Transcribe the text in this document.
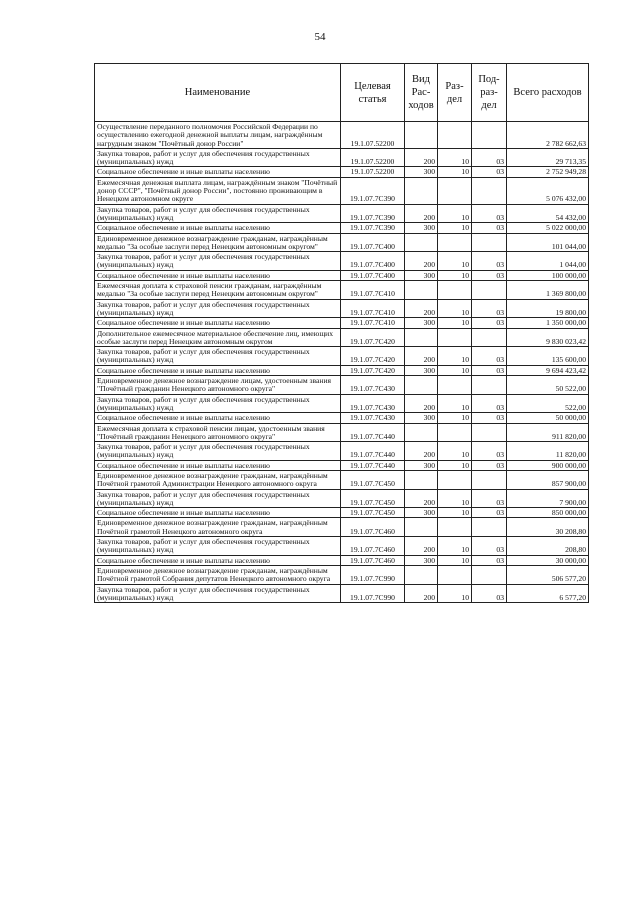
54
Наименование	Целевая статья	Вид Рас-ходов	Раз-дел	Под-раз-дел	Всего расходов
Осуществление переданного полномочия Российской Федерации по осуществлению ежегодной денежной выплаты лицам, награждённым нагрудным знаком "Почётный донор России"	19.1.07.52200				2 782 662,63
Закупка товаров, работ и услуг для обеспечения государственных (муниципальных) нужд	19.1.07.52200	200	10	03	29 713,35
Социальное обеспечение и иные выплаты населению	19.1.07.52200	300	10	03	2 752 949,28
Ежемесячная денежная выплата лицам, награждённым знаком "Почётный донор СССР", "Почётный донор России", постоянно проживающим в Ненецком автономном округе	19.1.07.7С390				5 076 432,00
Закупка товаров, работ и услуг для обеспечения государственных (муниципальных) нужд	19.1.07.7С390	200	10	03	54 432,00
Социальное обеспечение и иные выплаты населению	19.1.07.7С390	300	10	03	5 022 000,00
Единовременное денежное вознаграждение гражданам, награждённым медалью "За особые заслуги перед Ненецким автономным округом"	19.1.07.7С400				101 044,00
Закупка товаров, работ и услуг для обеспечения государственных (муниципальных) нужд	19.1.07.7С400	200	10	03	1 044,00
Социальное обеспечение и иные выплаты населению	19.1.07.7С400	300	10	03	100 000,00
Ежемесячная доплата к страховой пенсии гражданам, награждённым медалью "За особые заслуги перед Ненецким автономным округом"	19.1.07.7С410				1 369 800,00
Закупка товаров, работ и услуг для обеспечения государственных (муниципальных) нужд	19.1.07.7С410	200	10	03	19 800,00
Социальное обеспечение и иные выплаты населению	19.1.07.7С410	300	10	03	1 350 000,00
Дополнительное ежемесячное материальное обеспечение лиц, имеющих особые заслуги перед Ненецким автономным округом	19.1.07.7С420				9 830 023,42
Закупка товаров, работ и услуг для обеспечения государственных (муниципальных) нужд	19.1.07.7С420	200	10	03	135 600,00
Социальное обеспечение и иные выплаты населению	19.1.07.7С420	300	10	03	9 694 423,42
Единовременное денежное вознаграждение лицам, удостоенным звания "Почётный гражданин Ненецкого автономного округа"	19.1.07.7С430				50 522,00
Закупка товаров, работ и услуг для обеспечения государственных (муниципальных) нужд	19.1.07.7С430	200	10	03	522,00
Социальное обеспечение и иные выплаты населению	19.1.07.7С430	300	10	03	50 000,00
Ежемесячная доплата к страховой пенсии лицам, удостоенным звания "Почётный гражданин Ненецкого автономного округа"	19.1.07.7С440				911 820,00
Закупка товаров, работ и услуг для обеспечения государственных (муниципальных) нужд	19.1.07.7С440	200	10	03	11 820,00
Социальное обеспечение и иные выплаты населению	19.1.07.7С440	300	10	03	900 000,00
Единовременное денежное вознаграждение гражданам, награждённым Почётной грамотой Администрации Ненецкого автономного округа	19.1.07.7С450				857 900,00
Закупка товаров, работ и услуг для обеспечения государственных (муниципальных) нужд	19.1.07.7С450	200	10	03	7 900,00
Социальное обеспечение и иные выплаты населению	19.1.07.7С450	300	10	03	850 000,00
Единовременное денежное вознаграждение гражданам, награждённым Почётной грамотой Ненецкого автономного округа	19.1.07.7С460				30 208,80
Закупка товаров, работ и услуг для обеспечения государственных (муниципальных) нужд	19.1.07.7С460	200	10	03	208,80
Социальное обеспечение и иные выплаты населению	19.1.07.7С460	300	10	03	30 000,00
Единовременное денежное вознаграждение гражданам, награждённым Почётной грамотой Собрания депутатов Ненецкого автономного округа	19.1.07.7С990				506 577,20
Закупка товаров, работ и услуг для обеспечения государственных (муниципальных) нужд	19.1.07.7С990	200	10	03	6 577,20
